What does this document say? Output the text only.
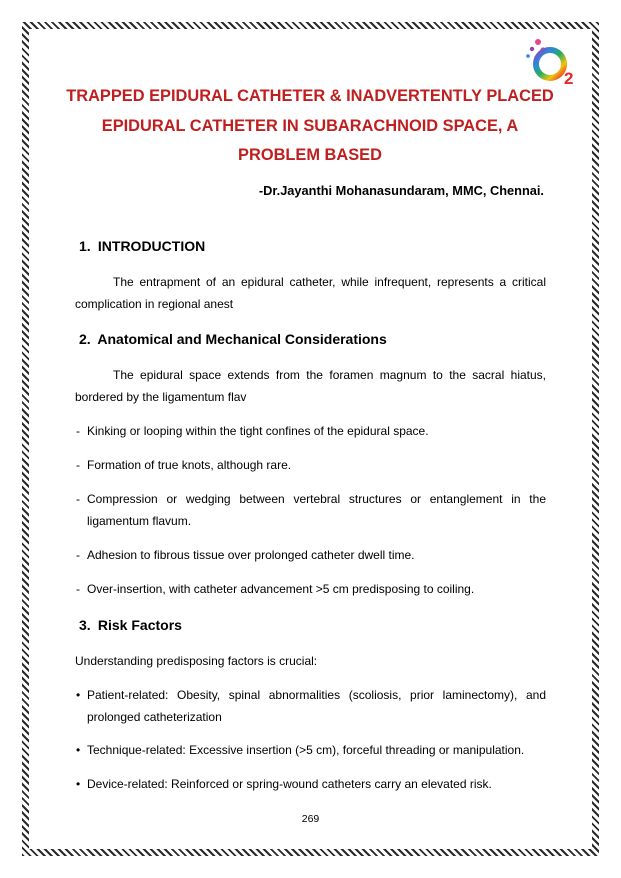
2
TRAPPED EPIDURAL CATHETER & INADVERTENTLY PLACED EPIDURAL CATHETER IN SUBARACHNOID SPACE, A PROBLEM BASED

-Dr.Jayanthi Mohanasundaram, MMC, Chennai.

1. INTRODUCTION

The entrapment of an epidural catheter, while infrequent, represents a critical complication in regional anest

2. Anatomical and Mechanical Considerations

The epidural space extends from the foramen magnum to the sacral hiatus, bordered by the ligamentum flav

- Kinking or looping within the tight confines of the epidural space.

- Formation of true knots, although rare.

- Compression or wedging between vertebral structures or entanglement in the ligamentum flavum.

- Adhesion to fibrous tissue over prolonged catheter dwell time.

- Over-insertion, with catheter advancement >5 cm predisposing to coiling.

3. Risk Factors

Understanding predisposing factors is crucial:

• Patient-related: Obesity, spinal abnormalities (scoliosis, prior laminectomy), and prolonged catheterization

• Technique-related: Excessive insertion (>5 cm), forceful threading or manipulation.

• Device-related: Reinforced or spring-wound catheters carry an elevated risk.

269
